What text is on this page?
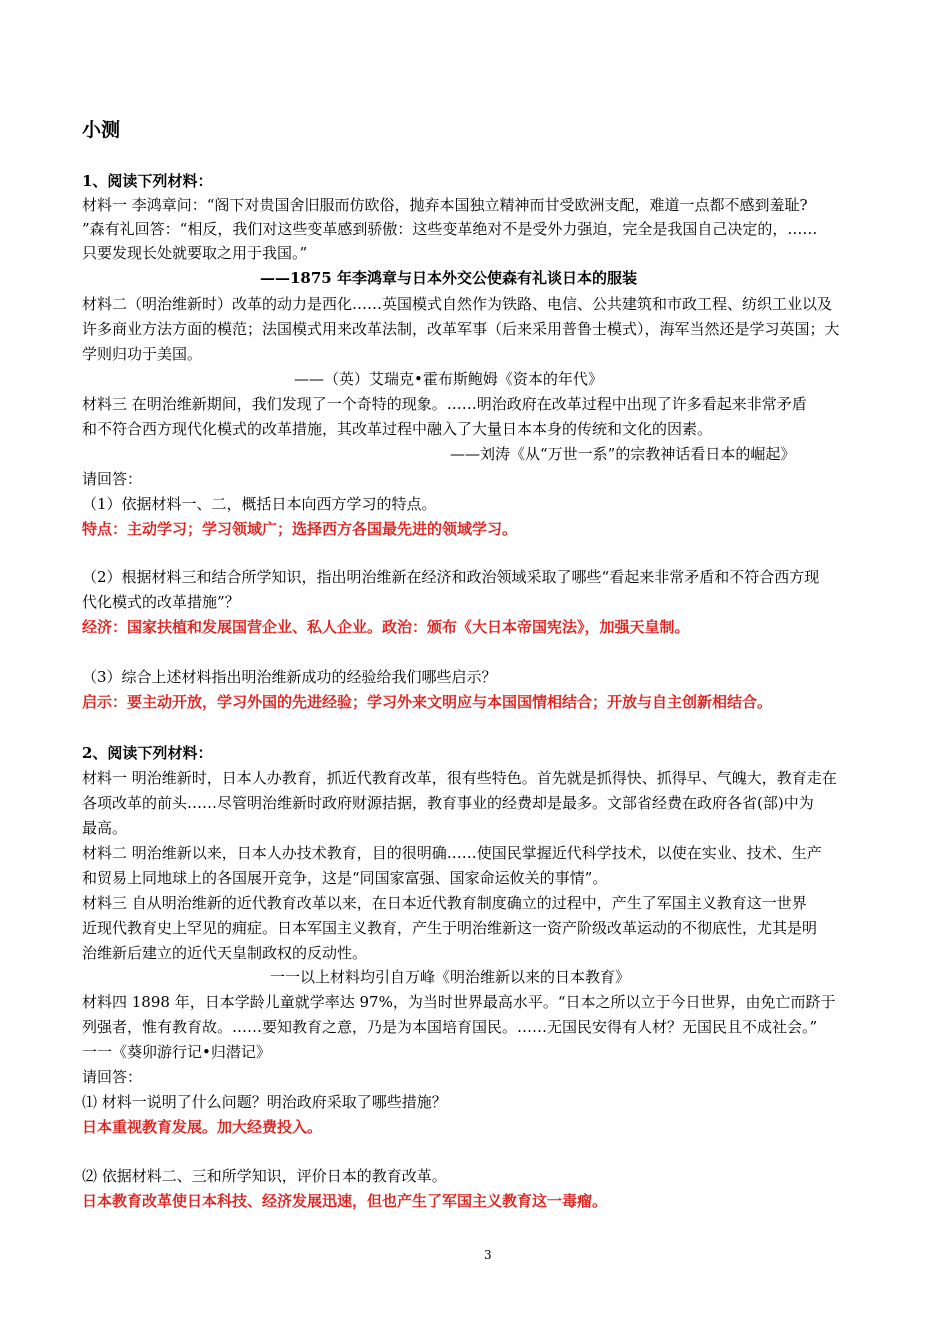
小测
1、阅读下列材料：
材料一 李鸿章问：“阁下对贵国舍旧服而仿欧俗，抛弃本国独立精神而甘受欧洲支配，难道一点都不感到羞耻?
”森有礼回答：“相反，我们对这些变革感到骄傲：这些变革绝对不是受外力强迫，完全是我国自己决定的，……
只要发现长处就要取之用于我国。”
——1875 年李鸿章与日本外交公使森有礼谈日本的服装
材料二（明治维新时）改革的动力是西化……英国模式自然作为铁路、电信、公共建筑和市政工程、纺织工业以及
许多商业方法方面的模范；法国模式用来改革法制，改革军事（后来采用普鲁士模式），海军当然还是学习英国；大
学则归功于美国。
——（英）艾瑞克•霍布斯鲍姆《资本的年代》
材料三 在明治维新期间，我们发现了一个奇特的现象。……明治政府在改革过程中出现了许多看起来非常矛盾
和不符合西方现代化模式的改革措施，其改革过程中融入了大量日本本身的传统和文化的因素。
——刘涛《从“万世一系”的宗教神话看日本的崛起》
请回答：
（1）依据材料一、二，概括日本向西方学习的特点。
特点：主动学习；学习领域广；选择西方各国最先进的领域学习。
（2）根据材料三和结合所学知识，指出明治维新在经济和政治领域采取了哪些“看起来非常矛盾和不符合西方现
代化模式的改革措施”？
经济：国家扶植和发展国营企业、私人企业。政治：颁布《大日本帝国宪法》，加强天皇制。
（3）综合上述材料指出明治维新成功的经验给我们哪些启示？
启示：要主动开放，学习外国的先进经验；学习外来文明应与本国国情相结合；开放与自主创新相结合。
2、阅读下列材料：
材料一 明治维新时，日本人办教育，抓近代教育改革，很有些特色。首先就是抓得快、抓得早、气魄大，教育走在
各项改革的前头……尽管明治维新时政府财源拮据，教育事业的经费却是最多。文部省经费在政府各省(部)中为
最高。
材料二 明治维新以来，日本人办技术教育，目的很明确……使国民掌握近代科学技术，以使在实业、技术、生产
和贸易上同地球上的各国展开竞争，这是“同国家富强、国家命运攸关的事情”。
材料三 自从明治维新的近代教育改革以来，在日本近代教育制度确立的过程中，产生了军国主义教育这一世界
近现代教育史上罕见的痈症。日本军国主义教育，产生于明治维新这一资产阶级改革运动的不彻底性，尤其是明
治维新后建立的近代天皇制政权的反动性。
一一以上材料均引自万峰《明治维新以来的日本教育》
材料四 1898 年，日本学龄儿童就学率达 97%，为当时世界最高水平。“日本之所以立于今日世界，由免亡而跻于
列强者，惟有教育故。……要知教育之意，乃是为本国培育国民。……无国民安得有人材？无国民且不成社会。”
一一《葵卯游行记•归潜记》
请回答：
⑴ 材料一说明了什么问题？明治政府采取了哪些措施？
日本重视教育发展。加大经费投入。
⑵ 依据材料二、三和所学知识，评价日本的教育改革。
日本教育改革使日本科技、经济发展迅速，但也产生了军国主义教育这一毒瘤。
3
